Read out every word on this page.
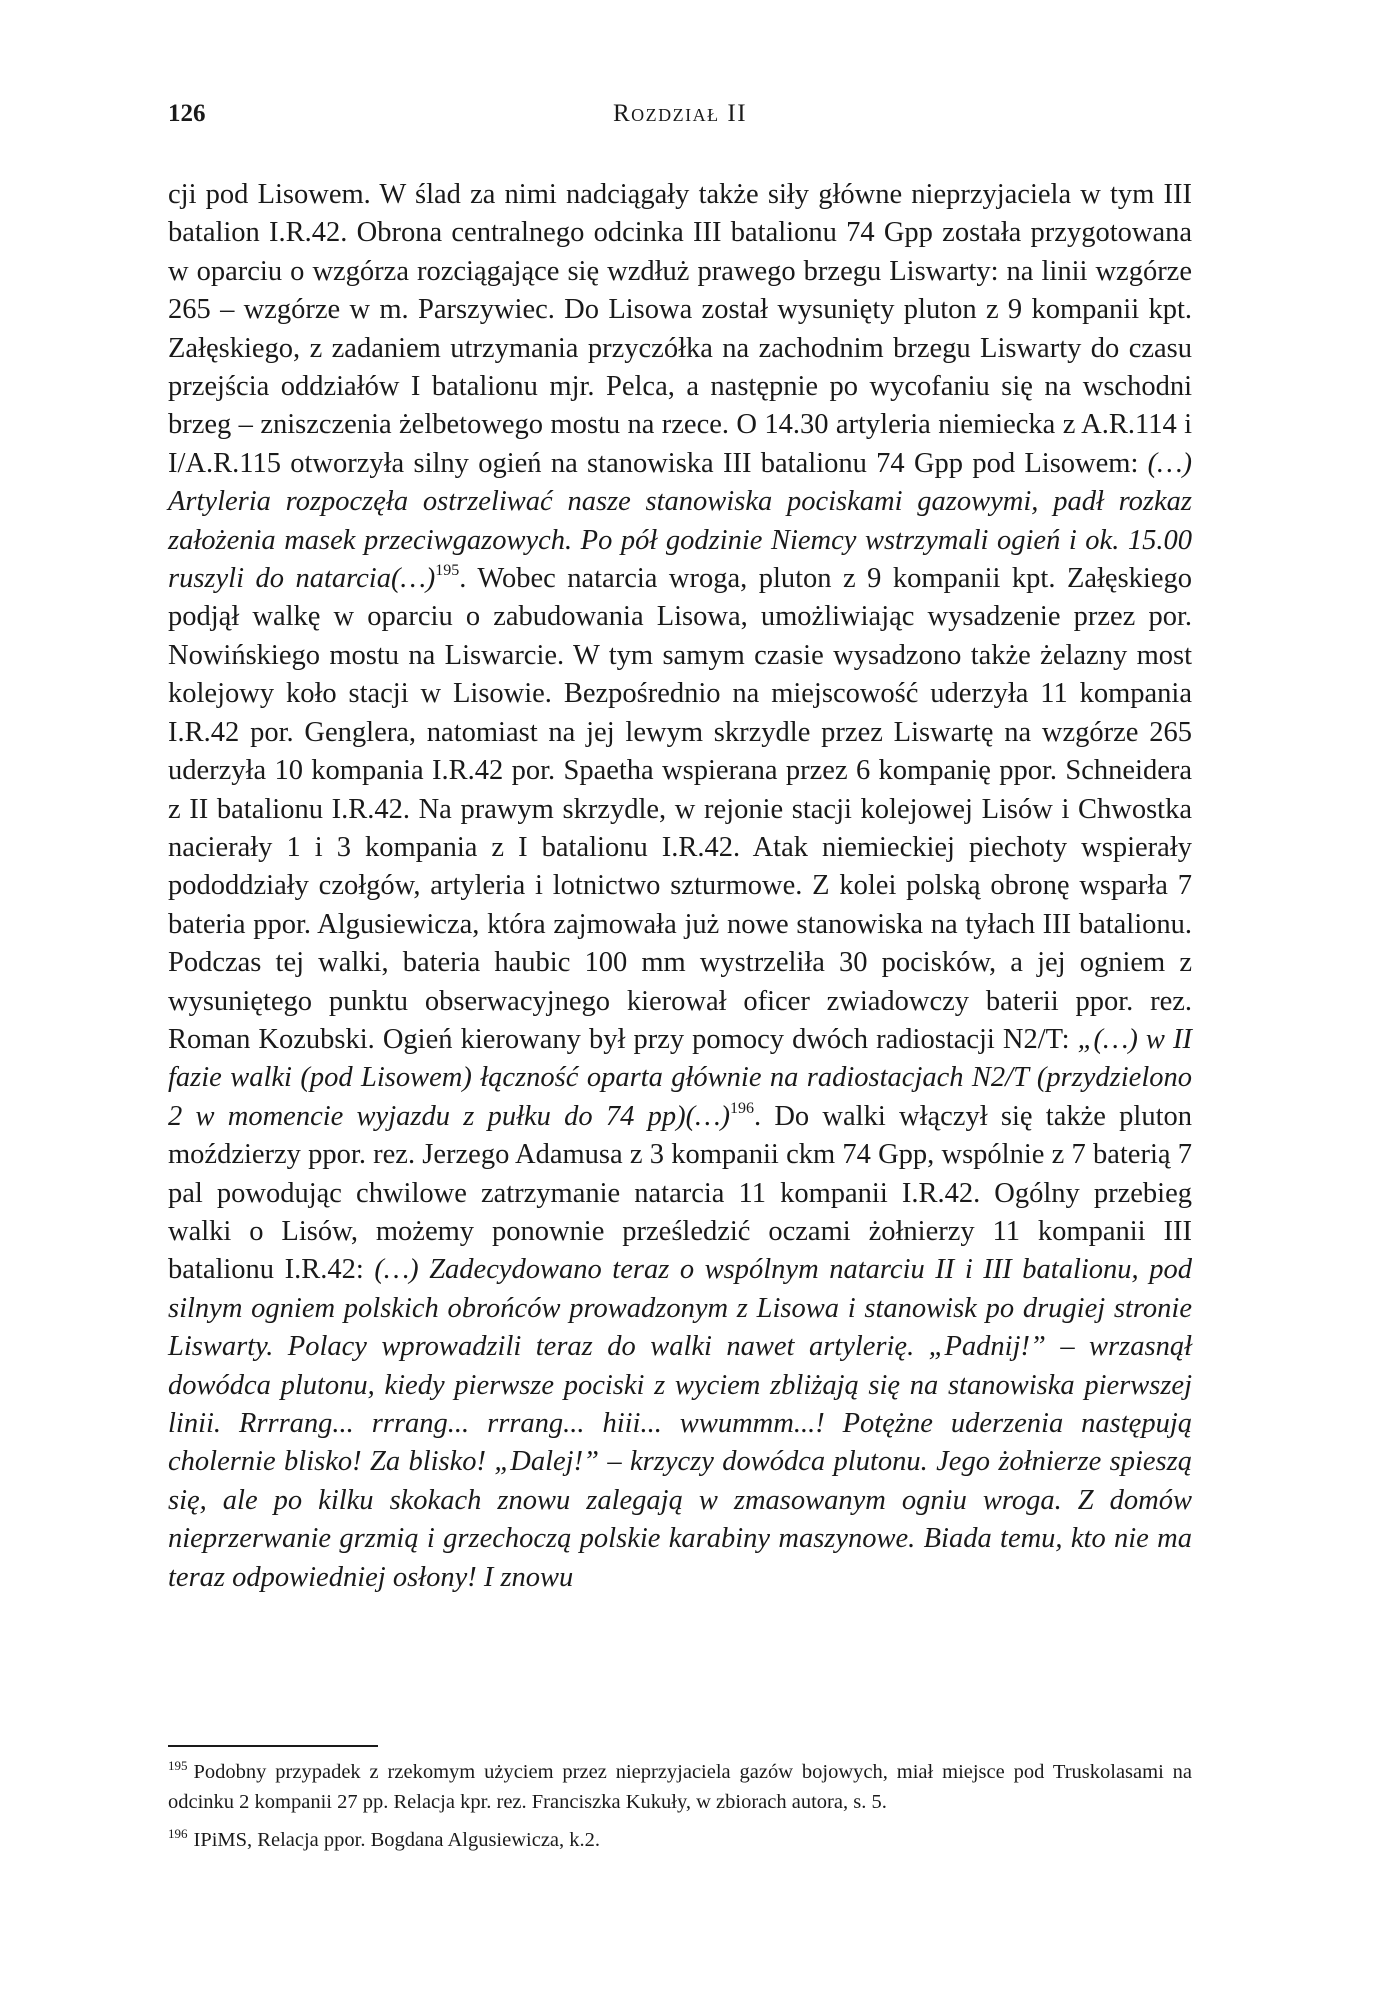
126	Rozdział II

cji pod Lisowem. W ślad za nimi nadciągały także siły główne nieprzyjaciela w tym III batalion I.R.42. Obrona centralnego odcinka III batalionu 74 Gpp została przygotowana w oparciu o wzgórza rozciągające się wzdłuż prawego brzegu Liswarty: na linii wzgórze 265 – wzgórze w m. Parszywiec. Do Lisowa został wysunięty pluton z 9 kompanii kpt. Załęskiego, z zadaniem utrzymania przyczółka na zachodnim brzegu Liswarty do czasu przejścia oddziałów I batalionu mjr. Pelca, a następnie po wycofaniu się na wschodni brzeg – zniszczenia żelbetowego mostu na rzece. O 14.30 artyleria niemiecka z A.R.114 i I/A.R.115 otworzyła silny ogień na stanowiska III batalionu 74 Gpp pod Lisowem: (…) Artyleria rozpoczęła ostrzeliwać nasze stanowiska pociskami gazowymi, padł rozkaz założenia masek przeciwgazowych. Po pół godzinie Niemcy wstrzymali ogień i ok. 15.00 ruszyli do natarcia(…)$^{195}$. Wobec natarcia wroga, pluton z 9 kompanii kpt. Załęskiego podjął walkę w oparciu o zabudowania Lisowa, umożliwiając wysadzenie przez por. Nowińskiego mostu na Liswarcie. W tym samym czasie wysadzono także żelazny most kolejowy koło stacji w Lisowie. Bezpośrednio na miejscowość uderzyła 11 kompania I.R.42 por. Genglera, natomiast na jej lewym skrzydle przez Liswartę na wzgórze 265 uderzyła 10 kompania I.R.42 por. Spaetha wspierana przez 6 kompanię ppor. Schneidera z II batalionu I.R.42. Na prawym skrzydle, w rejonie stacji kolejowej Lisów i Chwostka nacierały 1 i 3 kompania z I batalionu I.R.42. Atak niemieckiej piechoty wspierały pododdziały czołgów, artyleria i lotnictwo szturmowe. Z kolei polską obronę wsparła 7 bateria ppor. Algusiewicza, która zajmowała już nowe stanowiska na tyłach III batalionu. Podczas tej walki, bateria haubic 100 mm wystrzeliła 30 pocisków, a jej ogniem z wysuniętego punktu obserwacyjnego kierował oficer zwiadowczy baterii ppor. rez. Roman Kozubski. Ogień kierowany był przy pomocy dwóch radiostacji N2/T: „(…) w II fazie walki (pod Lisowem) łączność oparta głównie na radiostacjach N2/T (przydzielono 2 w momencie wyjazdu z pułku do 74 pp)(…)$^{196}$. Do walki włączył się także pluton moździerzy ppor. rez. Jerzego Adamusa z 3 kompanii ckm 74 Gpp, wspólnie z 7 baterią 7 pal powodując chwilowe zatrzymanie natarcia 11 kompanii I.R.42. Ogólny przebieg walki o Lisów, możemy ponownie prześledzić oczami żołnierzy 11 kompanii III batalionu I.R.42: (…) Zadecydowano teraz o wspólnym natarciu II i III batalionu, pod silnym ogniem polskich obrońców prowadzonym z Lisowa i stanowisk po drugiej stronie Liswarty. Polacy wprowadzili teraz do walki nawet artylerię. „Padnij!” – wrzasnął dowódca plutonu, kiedy pierwsze pociski z wyciem zbliżają się na stanowiska pierwszej linii. Rrrrang... rrrang... rrrang... hiii... wwummm...! Potężne uderzenia następują cholernie blisko! Za blisko! „Dalej!” – krzyczy dowódca plutonu. Jego żołnierze spieszą się, ale po kilku skokach znowu zalegają w zmasowanym ogniu wroga. Z domów nieprzerwanie grzmią i grzechoczą polskie karabiny maszynowe. Biada temu, kto nie ma teraz odpowiedniej osłony! I znowu

$^{195}$ Podobny przypadek z rzekomym użyciem przez nieprzyjaciela gazów bojowych, miał miejsce pod Truskolasami na odcinku 2 kompanii 27 pp. Relacja kpr. rez. Franciszka Kukuły, w zbiorach autora, s. 5.
$^{196}$ IPiMS, Relacja ppor. Bogdana Algusiewicza, k.2.
